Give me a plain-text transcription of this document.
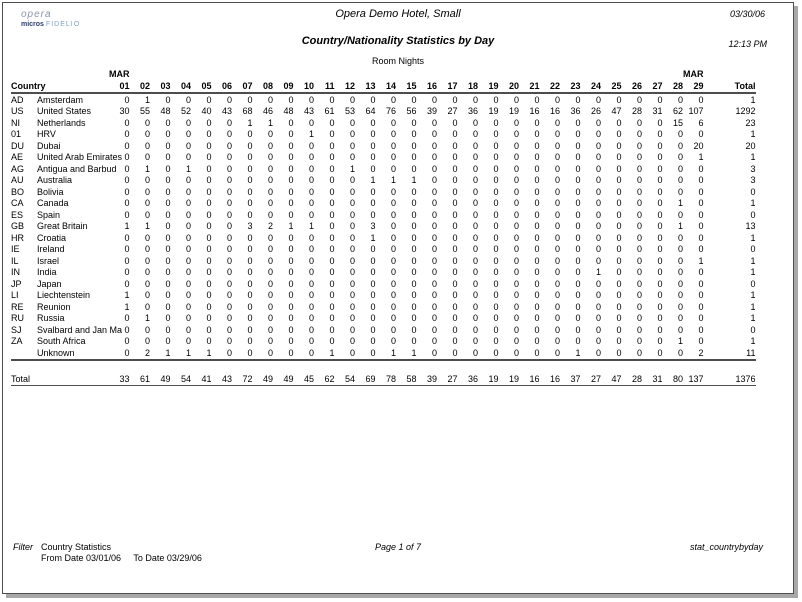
opera
micros FIDELIO
Opera Demo Hotel, Small	03/30/06
Country/Nationality Statistics by Day	12:13 PM
Room Nights
		MAR																												MAR	
Country		01	02	03	04	05	06	07	08	09	10	11	12	13	14	15	16	17	18	19	20	21	22	23	24	25	26	27	28	29	Total
AD	Amsterdam	0	1	0	0	0	0	0	0	0	0	0	0	0	0	0	0	0	0	0	0	0	0	0	0	0	0	0	0	0	1
US	United States	30	55	48	52	40	43	68	46	48	43	61	53	64	76	56	39	27	36	19	19	16	16	36	26	47	28	31	62	107	1292
NI	Netherlands	0	0	0	0	0	0	1	1	0	0	0	0	0	0	0	0	0	0	0	0	0	0	0	0	0	0	0	15	6	23
01	HRV	0	0	0	0	0	0	0	0	0	1	0	0	0	0	0	0	0	0	0	0	0	0	0	0	0	0	0	0	0	1
DU	Dubai	0	0	0	0	0	0	0	0	0	0	0	0	0	0	0	0	0	0	0	0	0	0	0	0	0	0	0	0	20	20
AE	United Arab Emirates	0	0	0	0	0	0	0	0	0	0	0	0	0	0	0	0	0	0	0	0	0	0	0	0	0	0	0	0	1	1
AG	Antigua and Barbud	0	1	0	1	0	0	0	0	0	0	0	1	0	0	0	0	0	0	0	0	0	0	0	0	0	0	0	0	0	3
AU	Australia	0	0	0	0	0	0	0	0	0	0	0	0	1	1	1	0	0	0	0	0	0	0	0	0	0	0	0	0	0	3
BO	Bolivia	0	0	0	0	0	0	0	0	0	0	0	0	0	0	0	0	0	0	0	0	0	0	0	0	0	0	0	0	0	0
CA	Canada	0	0	0	0	0	0	0	0	0	0	0	0	0	0	0	0	0	0	0	0	0	0	0	0	0	0	0	1	0	1
ES	Spain	0	0	0	0	0	0	0	0	0	0	0	0	0	0	0	0	0	0	0	0	0	0	0	0	0	0	0	0	0	0
GB	Great Britain	1	1	0	0	0	0	3	2	1	1	0	0	3	0	0	0	0	0	0	0	0	0	0	0	0	0	0	1	0	13
HR	Croatia	0	0	0	0	0	0	0	0	0	0	0	0	1	0	0	0	0	0	0	0	0	0	0	0	0	0	0	0	0	1
IE	Ireland	0	0	0	0	0	0	0	0	0	0	0	0	0	0	0	0	0	0	0	0	0	0	0	0	0	0	0	0	0	0
IL	Israel	0	0	0	0	0	0	0	0	0	0	0	0	0	0	0	0	0	0	0	0	0	0	0	0	0	0	0	0	1	1
IN	India	0	0	0	0	0	0	0	0	0	0	0	0	0	0	0	0	0	0	0	0	0	0	0	1	0	0	0	0	0	1
JP	Japan	0	0	0	0	0	0	0	0	0	0	0	0	0	0	0	0	0	0	0	0	0	0	0	0	0	0	0	0	0	0
LI	Liechtenstein	1	0	0	0	0	0	0	0	0	0	0	0	0	0	0	0	0	0	0	0	0	0	0	0	0	0	0	0	0	1
RE	Reunion	1	0	0	0	0	0	0	0	0	0	0	0	0	0	0	0	0	0	0	0	0	0	0	0	0	0	0	0	0	1
RU	Russia	0	1	0	0	0	0	0	0	0	0	0	0	0	0	0	0	0	0	0	0	0	0	0	0	0	0	0	0	0	1
SJ	Svalbard and Jan Ma	0	0	0	0	0	0	0	0	0	0	0	0	0	0	0	0	0	0	0	0	0	0	0	0	0	0	0	0	0	0
ZA	South Africa	0	0	0	0	0	0	0	0	0	0	0	0	0	0	0	0	0	0	0	0	0	0	0	0	0	0	0	1	0	1
	Unknown	0	2	1	1	1	0	0	0	0	0	1	0	0	1	1	0	0	0	0	0	0	0	1	0	0	0	0	0	2	11

Total		33	61	49	54	41	43	72	49	49	45	62	54	69	78	58	39	27	36	19	19	16	16	37	27	47	28	31	80	137	1376
Filter Country Statistics
From Date 03/01/06 To Date 03/29/06
Page 1 of 7	stat_countrybyday
